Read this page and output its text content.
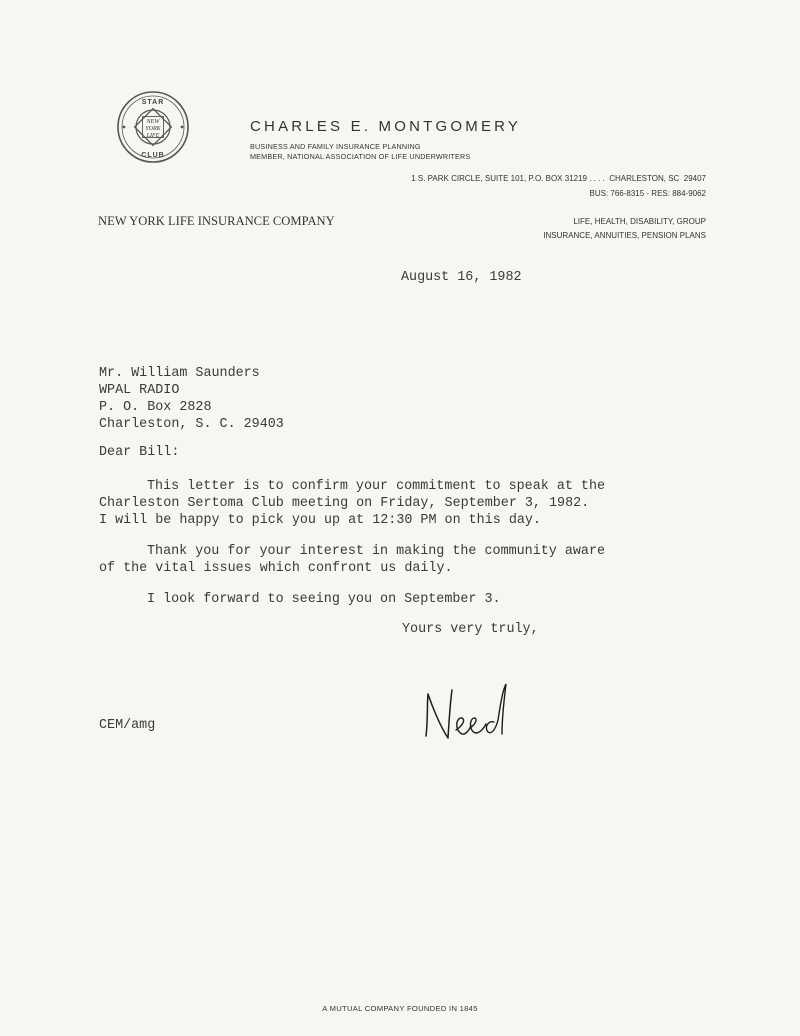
STAR
CLUB
NEW
YORK
LIFE
CHARLES E. MONTGOMERY
BUSINESS AND FAMILY INSURANCE PLANNING
MEMBER, NATIONAL ASSOCIATION OF LIFE UNDERWRITERS
1 S. PARK CIRCLE, SUITE 101, P.O. BOX 31219 . . . .  CHARLESTON, SC  29407
BUS: 766-8315 - RES: 884-9062
NEW YORK LIFE INSURANCE COMPANY	LIFE, HEALTH, DISABILITY, GROUP
INSURANCE, ANNUITIES, PENSION PLANS
August 16, 1982
Mr. William Saunders
WPAL RADIO
P. O. Box 2828
Charleston, S. C. 29403
Dear Bill:
This letter is to confirm your commitment to speak at the
Charleston Sertoma Club meeting on Friday, September 3, 1982.
I will be happy to pick you up at 12:30 PM on this day.
Thank you for your interest in making the community aware
of the vital issues which confront us daily.
I look forward to seeing you on September 3.
Yours very truly,
CEM/amg
A MUTUAL COMPANY FOUNDED IN 1845
